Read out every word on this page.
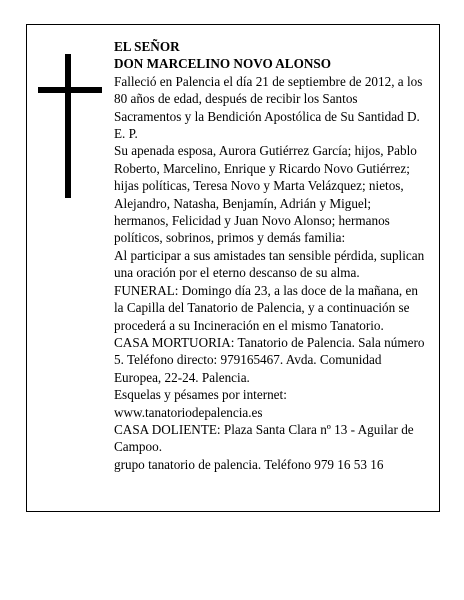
EL SEÑOR

DON MARCELINO NOVO ALONSO

Falleció en Palencia el día 21 de septiembre de 2012, a los 80 años de edad, después de recibir los Santos Sacramentos y la Bendición Apostólica de Su Santidad D. E. P.

Su apenada esposa, Aurora Gutiérrez García; hijos, Pablo Roberto, Marcelino, Enrique y Ricardo Novo Gutiérrez; hijas políticas, Teresa Novo y Marta Velázquez; nietos, Alejandro, Natasha, Benjamín, Adrián y Miguel; hermanos, Felicidad y Juan Novo Alonso; hermanos políticos, sobrinos, primos y demás familia:

Al participar a sus amistades tan sensible pérdida, suplican una oración por el eterno descanso de su alma.

FUNERAL: Domingo día 23, a las doce de la mañana, en la Capilla del Tanatorio de Palencia, y a continuación se procederá a su Incineración en el mismo Tanatorio.

CASA MORTUORIA: Tanatorio de Palencia. Sala número 5. Teléfono directo: 979165467. Avda. Comunidad Europea, 22-24. Palencia.

Esquelas y pésames por internet: www.tanatoriodepalencia.es

CASA DOLIENTE: Plaza Santa Clara nº 13 - Aguilar de Campoo.

grupo tanatorio de palencia. Teléfono 979 16 53 16
